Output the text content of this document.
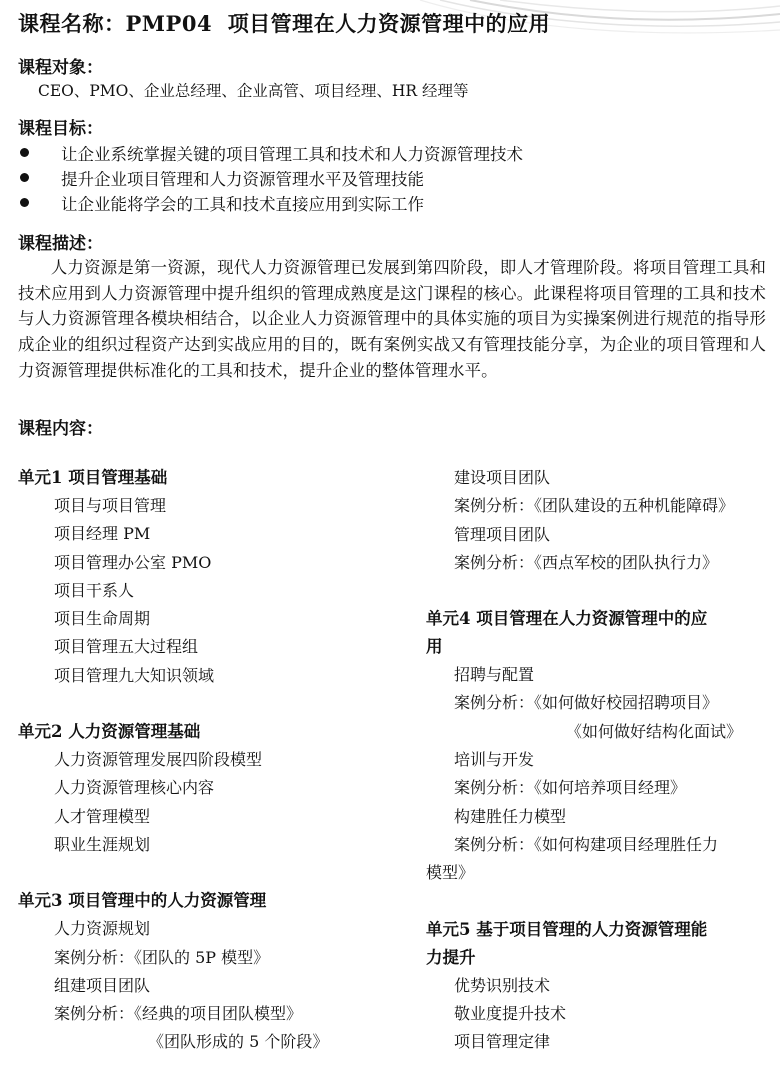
课程名称：PMP04 项目管理在人力资源管理中的应用
课程对象：
CEO、PMO、企业总经理、企业高管、项目经理、HR 经理等
课程目标：
让企业系统掌握关键的项目管理工具和技术和人力资源管理技术
提升企业项目管理和人力资源管理水平及管理技能
让企业能将学会的工具和技术直接应用到实际工作
课程描述：
人力资源是第一资源，现代人力资源管理已发展到第四阶段，即人才管理阶段。将项目管理工具和技术应用到人力资源管理中提升组织的管理成熟度是这门课程的核心。此课程将项目管理的工具和技术与人力资源管理各模块相结合，以企业人力资源管理中的具体实施的项目为实操案例进行规范的指导形成企业的组织过程资产达到实战应用的目的，既有案例实战又有管理技能分享，为企业的项目管理和人力资源管理提供标准化的工具和技术，提升企业的整体管理水平。
课程内容：
单元1 项目管理基础
项目与项目管理
项目经理 PM
项目管理办公室 PMO
项目干系人
项目生命周期
项目管理五大过程组
项目管理九大知识领域
单元2 人力资源管理基础
人力资源管理发展四阶段模型
人力资源管理核心内容
人才管理模型
职业生涯规划
单元3 项目管理中的人力资源管理
人力资源规划
案例分析：《团队的 5P 模型》
组建项目团队
案例分析：《经典的项目团队模型》
《团队形成的 5 个阶段》
建设项目团队
案例分析：《团队建设的五种机能障碍》
管理项目团队
案例分析：《西点军校的团队执行力》
单元4 项目管理在人力资源管理中的应
用
招聘与配置
案例分析：《如何做好校园招聘项目》
《如何做好结构化面试》
培训与开发
案例分析：《如何培养项目经理》
构建胜任力模型
案例分析：《如何构建项目经理胜任力
模型》
单元5 基于项目管理的人力资源管理能
力提升
优势识别技术
敬业度提升技术
项目管理定律
